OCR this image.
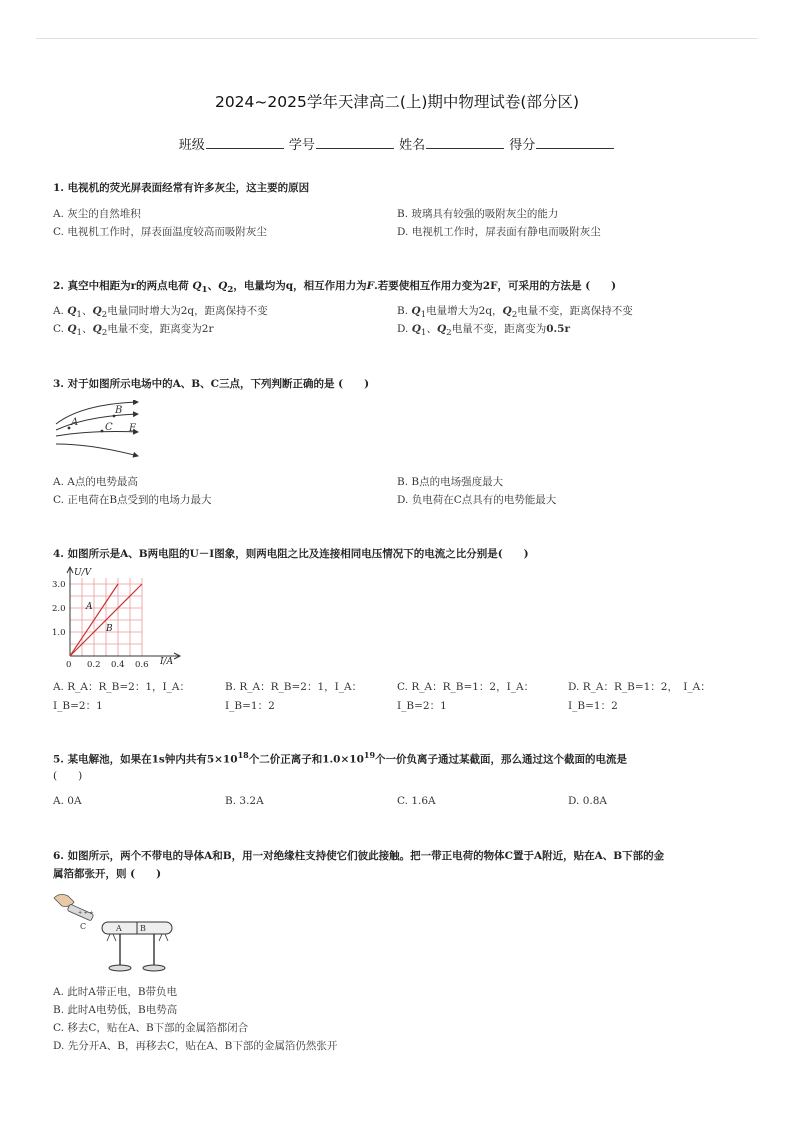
2024~2025学年天津高二(上)期中物理试卷(部分区)
班级	学号	姓名	得分
1. 电视机的荧光屏表面经常有许多灰尘，这主要的原因
A. 灰尘的自然堆积	B. 玻璃具有较强的吸附灰尘的能力
C. 电视机工作时，屏表面温度较高而吸附灰尘	D. 电视机工作时，屏表面有静电而吸附灰尘
2. 真空中相距为r的两点电荷 $Q_1$、$Q_2$，电量均为q，相互作用力为F.若要使相互作用力变为2F，可采用的方法是 (　　)
A. $Q_1$、$Q_2$电量同时增大为2q，距离保持不变	B. $Q_1$电量增大为2q，$Q_2$电量不变，距离保持不变
C. $Q_1$、$Q_2$电量不变，距离变为2r	D. $Q_1$、$Q_2$电量不变，距离变为0.5r
3. 对于如图所示电场中的A、B、C三点，下列判断正确的是 (　　)
A
B
C E
A. A点的电势最高	B. B点的电场强度最大
C. 正电荷在B点受到的电场力最大	D. 负电荷在C点具有的电势能最大
4. 如图所示是A、B两电阻的U－I图象，则两电阻之比及连接相同电压情况下的电流之比分别是(　　)
U/V
I/A
3.0
2.0
1.0
0 0.2 0.4 0.6
A
B
A. R_A：R_B=2：1，I_A：I_B=2：1
B. R_A：R_B=2：1，I_A：I_B=1：2
C. R_A：R_B=1：2，I_A：I_B=2：1
D. R_A：R_B=1：2，　I_A：I_B=1：2
5. 某电解池，如果在1s钟内共有$5\times 10^{18}$个二价正离子和$1.0\times 10^{19}$个一价负离子通过某截面，那么通过这个截面的电流是
(　　)
A. 0A	B. 3.2A	C. 1.6A	D. 0.8A
6. 如图所示，两个不带电的导体A和B，用一对绝缘柱支持使它们彼此接触。把一带正电荷的物体C置于A附近，贴在A、B下部的金
属箔都张开，则 (　　)
+ + +
C	A B
A. 此时A带正电，B带负电
B. 此时A电势低，B电势高
C. 移去C，贴在A、B下部的金属箔都闭合
D. 先分开A、B，再移去C，贴在A、B下部的金属箔仍然张开
